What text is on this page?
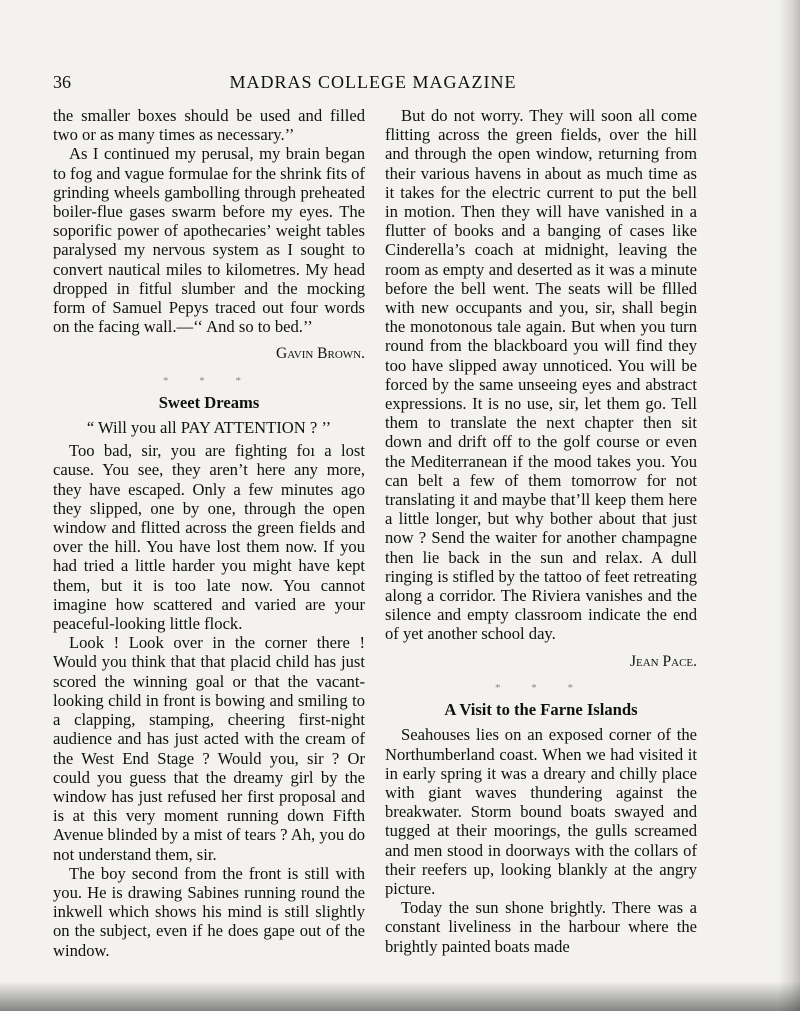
36	MADRAS COLLEGE MAGAZINE

the smaller boxes should be used and filled two or as many times as necessary.’’

As I continued my perusal, my brain began to fog and vague formulae for the shrink fits of grinding wheels gambolling through preheated boiler-flue gases swarm before my eyes. The soporific power of apothecaries’ weight tables paralysed my nervous system as I sought to convert nautical miles to kilometres. My head dropped in fitful slumber and the mocking form of Samuel Pepys traced out four words on the facing wall.—‘‘ And so to bed.’’

Gavin Brown.

* * *

Sweet Dreams

“ Will you all PAY ATTENTION ? ’’

Too bad, sir, you are fighting foı a lost cause. You see, they aren’t here any more, they have escaped. Only a few minutes ago they slipped, one by one, through the open window and flitted across the green fields and over the hill. You have lost them now. If you had tried a little harder you might have kept them, but it is too late now. You cannot imagine how scattered and varied are your peaceful-looking little flock.

Look ! Look over in the corner there ! Would you think that that placid child has just scored the winning goal or that the vacant-looking child in front is bowing and smiling to a clapping, stamping, cheering first-night audience and has just acted with the cream of the West End Stage ? Would you, sir ? Or could you guess that the dreamy girl by the window has just refused her first proposal and is at this very moment running down Fifth Avenue blinded by a mist of tears ? Ah, you do not understand them, sir.

The boy second from the front is still with you. He is drawing Sabines running round the inkwell which shows his mind is still slightly on the subject, even if he does gape out of the window.

But do not worry. They will soon all come flitting across the green fields, over the hill and through the open window, returning from their various havens in about as much time as it takes for the electric current to put the bell in motion. Then they will have vanished in a flutter of books and a banging of cases like Cinderella’s coach at midnight, leaving the room as empty and deserted as it was a minute before the bell went. The seats will be fllled with new occupants and you, sir, shall begin the monotonous tale again. But when you turn round from the blackboard you will find they too have slipped away unnoticed. You will be forced by the same unseeing eyes and abstract expressions. It is no use, sir, let them go. Tell them to translate the next chapter then sit down and drift off to the golf course or even the Mediterranean if the mood takes you. You can belt a few of them tomorrow for not translating it and maybe that’ll keep them here a little longer, but why bother about that just now ? Send the waiter for another champagne then lie back in the sun and relax. A dull ringing is stifled by the tattoo of feet retreating along a corridor. The Riviera vanishes and the silence and empty classroom indicate the end of yet another school day.

Jean Pace.

* * *

A Visit to the Farne Islands

Seahouses lies on an exposed corner of the Northumberland coast. When we had visited it in early spring it was a dreary and chilly place with giant waves thundering against the breakwater. Storm bound boats swayed and tugged at their moorings, the gulls screamed and men stood in doorways with the collars of their reefers up, looking blankly at the angry picture.

Today the sun shone brightly. There was a constant liveliness in the harbour where the brightly painted boats made
